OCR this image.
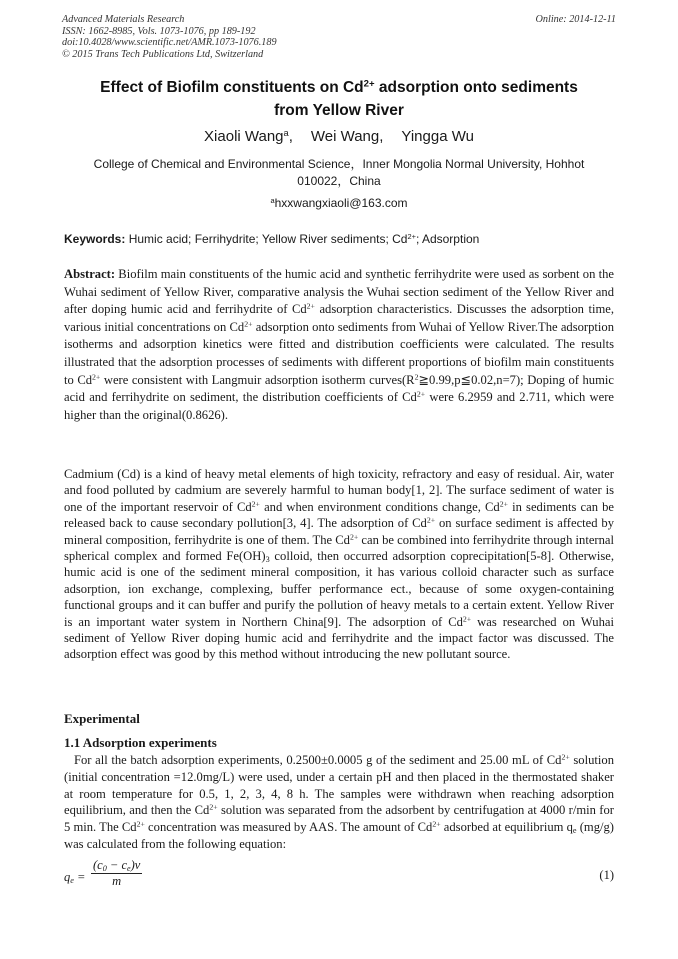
Advanced Materials Research
ISSN: 1662-8985, Vols. 1073-1076, pp 189-192
doi:10.4028/www.scientific.net/AMR.1073-1076.189
© 2015 Trans Tech Publications Ltd, Switzerland
Online: 2014-12-11
Effect of Biofilm constituents on $Cd^{2+}$ adsorption onto sediments
from Yellow River
Xiaoli Wang$^a$, Wei Wang, Yingga Wu
College of Chemical and Environmental Science，Inner Mongolia Normal University, Hohhot
010022，China
$^a$hxxwangxiaoli@163.com
Keywords: Humic acid; Ferrihydrite; Yellow River sediments; $Cd^{2+}$; Adsorption
Abstract: Biofilm main constituents of the humic acid and synthetic ferrihydrite were used as sorbent on the Wuhai sediment of Yellow River, comparative analysis the Wuhai section sediment of the Yellow River and after doping humic acid and ferrihydrite of $Cd^{2+}$ adsorption characteristics. Discusses the adsorption time, various initial concentrations on $Cd^{2+}$ adsorption onto sediments from Wuhai of Yellow River.The adsorption isotherms and adsorption kinetics were fitted and distribution coefficients were calculated. The results illustrated that the adsorption processes of sediments with different proportions of biofilm main constituents to $Cd^{2+}$ were consistent with Langmuir adsorption isotherm $curves(R^2≧0.99,p≦0.02,n=7)$; Doping of humic acid and ferrihydrite on sediment, the distribution coefficients of $Cd^{2+}$ were 6.2959 and 2.711, which were higher than the original(0.8626).
Cadmium (Cd) is a kind of heavy metal elements of high toxicity, refractory and easy of residual. Air, water and food polluted by cadmium are severely harmful to human body[1, 2]. The surface sediment of water is one of the important reservoir of $Cd^{2+}$ and when environment conditions change, $Cd^{2+}$ in sediments can be released back to cause secondary pollution[3, 4]. The adsorption of $Cd^{2+}$ on surface sediment is affected by mineral composition, ferrihydrite is one of them. The $Cd^{2+}$ can be combined into ferrihydrite through internal spherical complex and formed $Fe(OH)_3$ colloid, then occurred adsorption coprecipitation[5-8]. Otherwise, humic acid is one of the sediment mineral composition, it has various colloid character such as surface adsorption, ion exchange, complexing, buffer performance ect., because of some oxygen-containing functional groups and it can buffer and purify the pollution of heavy metals to a certain extent. Yellow River is an important water system in Northern China[9]. The adsorption of $Cd^{2+}$ was researched on Wuhai sediment of Yellow River doping humic acid and ferrihydrite and the impact factor was discussed. The adsorption effect was good by this method without introducing the new pollutant source.
Experimental
1.1 Adsorption experiments
For all the batch adsorption experiments, 0.2500±0.0005 g of the sediment and 25.00 mL of $Cd^{2+}$ solution (initial concentration =12.0mg/L) were used, under a certain pH and then placed in the thermostated shaker at room temperature for 0.5, 1, 2, 3, 4, 8 h. The samples were withdrawn when reaching adsorption equilibrium, and then the $Cd^{2+}$ solution was separated from the adsorbent by centrifugation at 4000 r/min for 5 min. The $Cd^{2+}$ concentration was measured by AAS. The amount of $Cd^{2+}$ adsorbed at equilibrium $q_e$ (mg/g) was calculated from the following equation:
$q_e = \frac{(c_0 - c_e)v}{m}$	(1)
